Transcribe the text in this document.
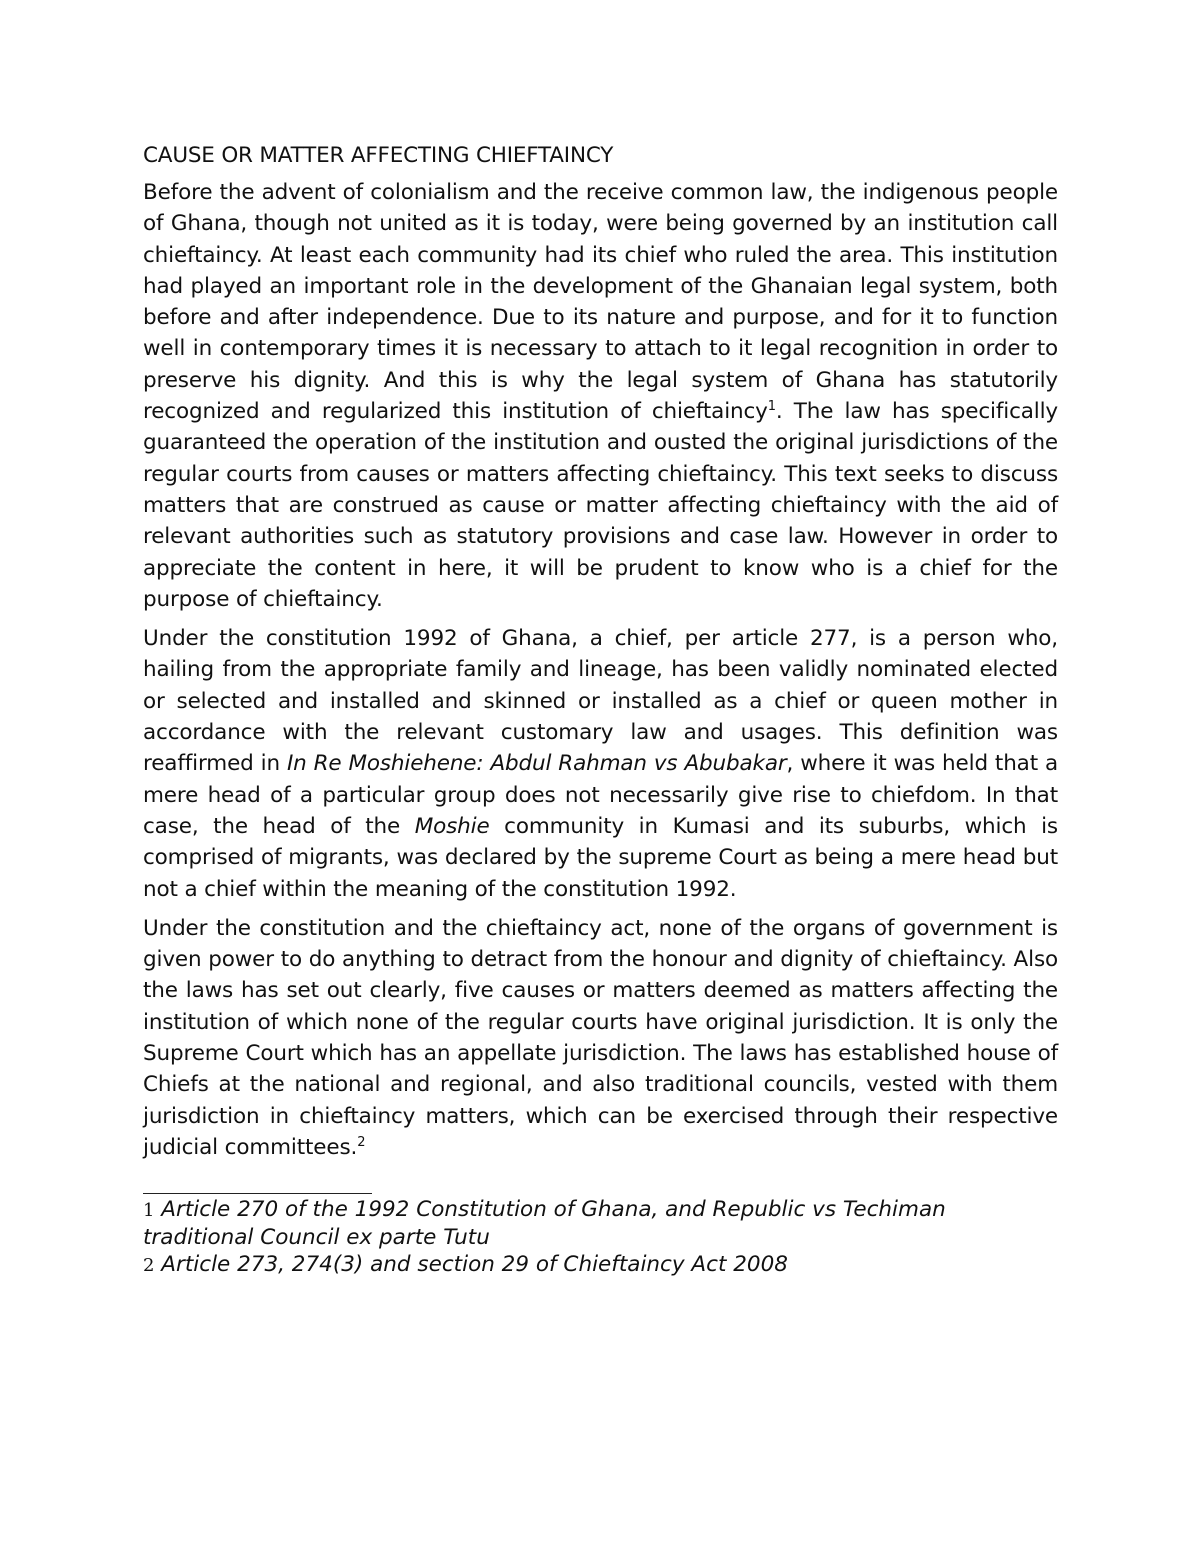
CAUSE OR MATTER AFFECTING CHIEFTAINCY

Before the advent of colonialism and the receive common law, the indigenous people of Ghana, though not united as it is today, were being governed by an institution call chieftaincy. At least each community had its chief who ruled the area. This institution had played an important role in the development of the Ghanaian legal system, both before and after independence. Due to its nature and purpose, and for it to function well in contemporary times it is necessary to attach to it legal recognition in order to preserve his dignity. And this is why the legal system of Ghana has statutorily recognized and regularized this institution of chieftaincy$^1$. The law has specifically guaranteed the operation of the institution and ousted the original jurisdictions of the regular courts from causes or matters affecting chieftaincy. This text seeks to discuss matters that are construed as cause or matter affecting chieftaincy with the aid of relevant authorities such as statutory provisions and case law. However in order to appreciate the content in here, it will be prudent to know who is a chief for the purpose of chieftaincy.

Under the constitution 1992 of Ghana, a chief, per article 277, is a person who, hailing from the appropriate family and lineage, has been validly nominated elected or selected and installed and skinned or installed as a chief or queen mother in accordance with the relevant customary law and usages. This definition was reaffirmed in In Re Moshiehene: Abdul Rahman vs Abubakar, where it was held that a mere head of a particular group does not necessarily give rise to chiefdom. In that case, the head of the Moshie community in Kumasi and its suburbs, which is comprised of migrants, was declared by the supreme Court as being a mere head but not a chief within the meaning of the constitution 1992.

Under the constitution and the chieftaincy act, none of the organs of government is given power to do anything to detract from the honour and dignity of chieftaincy. Also the laws has set out clearly, five causes or matters deemed as matters affecting the institution of which none of the regular courts have original jurisdiction. It is only the Supreme Court which has an appellate jurisdiction. The laws has established house of Chiefs at the national and regional, and also traditional councils, vested with them jurisdiction in chieftaincy matters, which can be exercised through their respective judicial committees.$^2$

1 Article 270 of the 1992 Constitution of Ghana, and Republic vs Techiman traditional Council ex parte Tutu

2 Article 273, 274(3) and section 29 of Chieftaincy Act 2008
